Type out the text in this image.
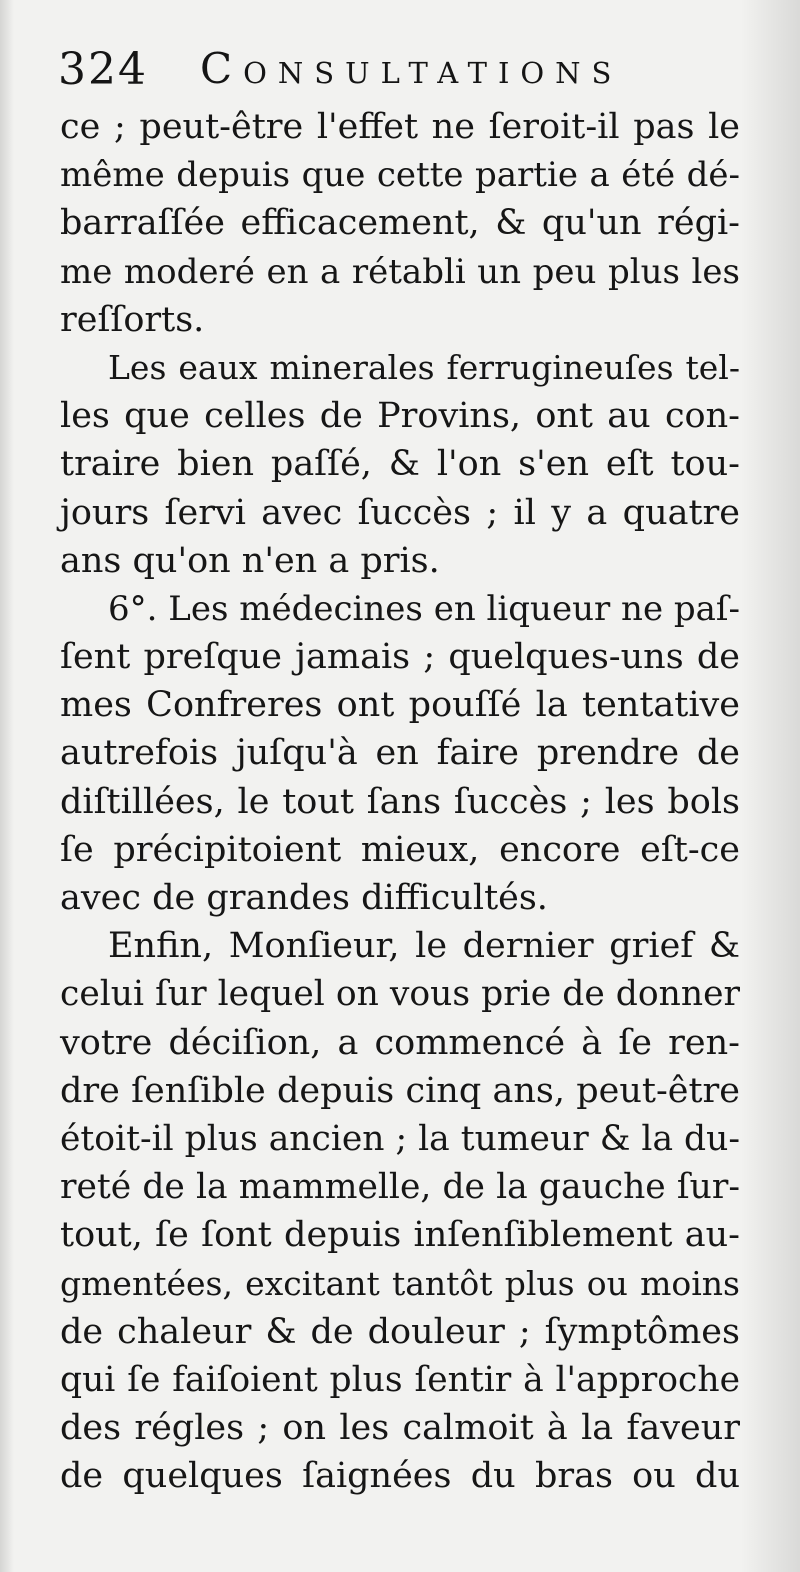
324 Consultations
ce ; peut-être l'effet ne ſeroit-il pas le
même depuis que cette partie a été dé-
barraſſée efficacement, & qu'un régi-
me moderé en a rétabli un peu plus les
reſſorts.
Les eaux minerales ferrugineuſes tel-
les que celles de Provins, ont au con-
traire bien paſſé, & l'on s'en eſt tou-
jours ſervi avec ſuccès ; il y a quatre
ans qu'on n'en a pris.
6°. Les médecines en liqueur ne paſ-
ſent preſque jamais ; quelques-uns de
mes Confreres ont pouſſé la tentative
autrefois juſqu'à en faire prendre de
diſtillées, le tout ſans ſuccès ; les bols
ſe précipitoient mieux, encore eſt-ce
avec de grandes difficultés.
Enfin, Monſieur, le dernier grief &
celui ſur lequel on vous prie de donner
votre déciſion, a commencé à ſe ren-
dre ſenſible depuis cinq ans, peut-être
étoit-il plus ancien ; la tumeur & la du-
reté de la mammelle, de la gauche ſur-
tout, ſe ſont depuis inſenſiblement au-
gmentées, excitant tantôt plus ou moins
de chaleur & de douleur ; ſymptômes
qui ſe faiſoient plus ſentir à l'approche
des régles ; on les calmoit à la faveur
de quelques ſaignées du bras ou du
